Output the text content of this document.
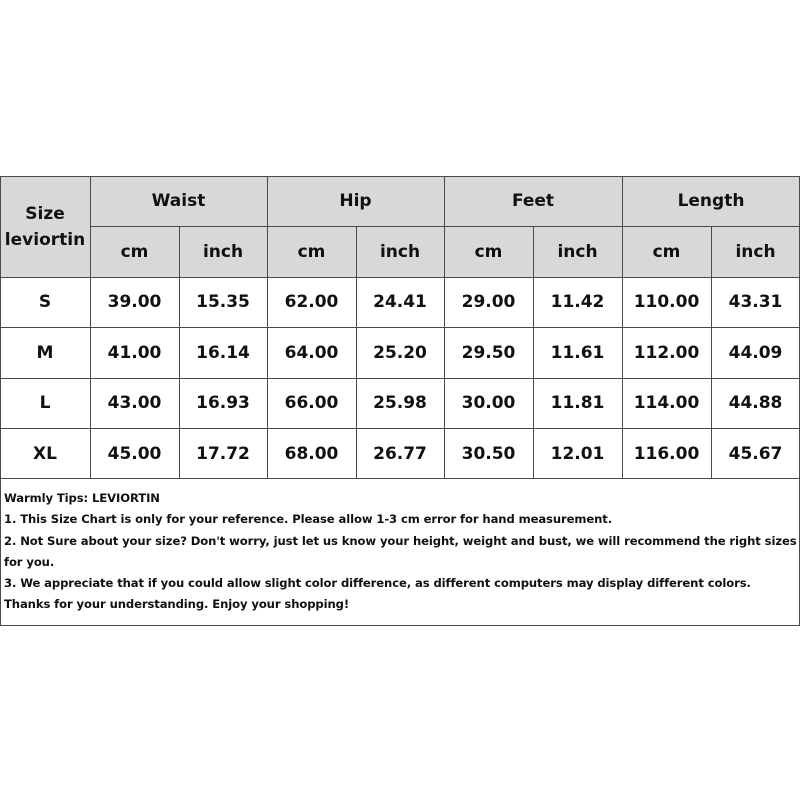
Size
leviortin
Waist	Hip	Feet	Length
cm	inch	cm	inch	cm	inch	cm	inch
S	39.00	15.35	62.00	24.41	29.00	11.42	110.00	43.31
M	41.00	16.14	64.00	25.20	29.50	11.61	112.00	44.09
L	43.00	16.93	66.00	25.98	30.00	11.81	114.00	44.88
XL	45.00	17.72	68.00	26.77	30.50	12.01	116.00	45.67
Warmly Tips: LEVIORTIN
1. This Size Chart is only for your reference. Please allow 1-3 cm error for hand measurement.
2. Not Sure about your size? Don't worry, just let us know your height, weight and bust, we will recommend the right sizes
for you.
3. We appreciate that if you could allow slight color difference, as different computers may display different colors.
Thanks for your understanding. Enjoy your shopping!
